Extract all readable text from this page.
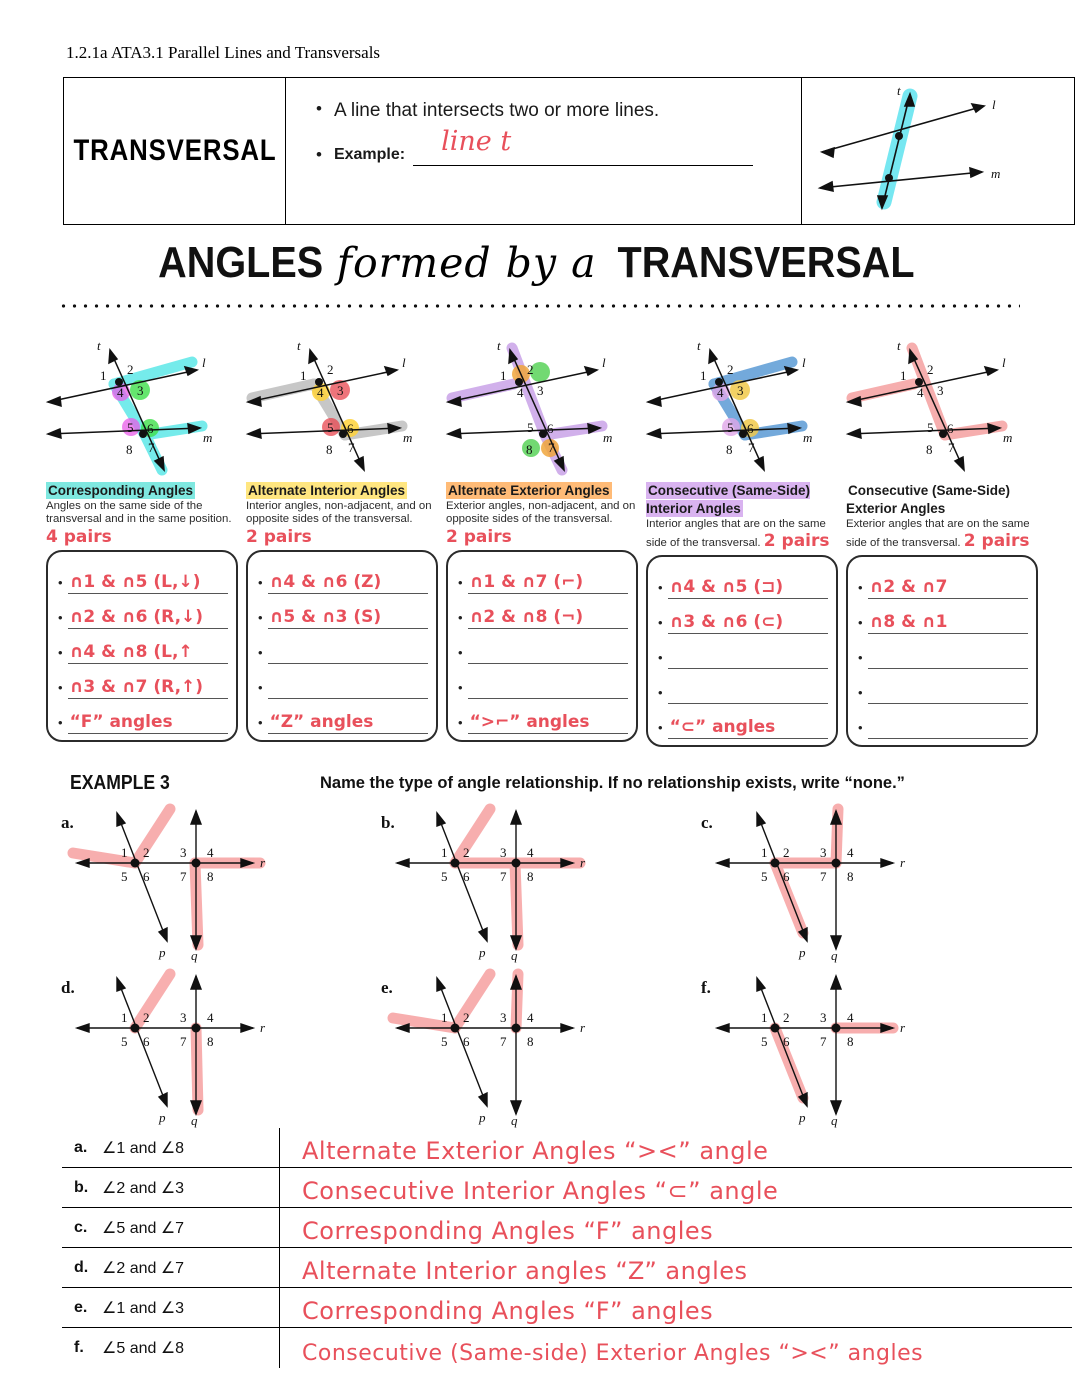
1.2.1a ATA3.1 Parallel Lines and Transversals
TRANSVERSAL
• A line that intersects two or more lines.
• Example: line t
t
l
m
ANGLES formed by a TRANSVERSAL
t
l
m
1 2
3
4
5 6
8 7
Corresponding Angles
Angles on the same side of the transversal and in the same position. 4 pairs
• ∩1 & ∩5 (L,↓)
• ∩2 & ∩6 (R,↓)
• ∩4 & ∩8 (L,↑
• ∩3 & ∩7 (R,↑)
• “F” angles
t
l
m
1 2
3
4
5 6
8 7
Alternate Interior Angles
Interior angles, non-adjacent, and on opposite sides of the transversal. 2 pairs
• ∩4 & ∩6 (Z)
• ∩5 & ∩3 (S)
•
•
• “Z” angles
t
l
m
1 2
3
4
5 6
8 7
Alternate Exterior Angles
Exterior angles, non-adjacent, and on opposite sides of the transversal. 2 pairs
• ∩1 & ∩7 (⌐)
• ∩2 & ∩8 (¬)
•
•
• “>⌐” angles
t
l
m
1 2
3
4
5 6
8 7
Consecutive (Same-Side) Interior Angles
Interior angles that are on the same side of the transversal. 2 pairs
• ∩4 & ∩5 (⊐)
• ∩3 & ∩6 (⊂)
•
•
• “⊂” angles
t
l
m
1 2
3
4
5 6
8 7
Consecutive (Same-Side) Exterior Angles
Exterior angles that are on the same side of the transversal. 2 pairs
• ∩2 & ∩7
• ∩8 & ∩1
•
•
•
EXAMPLE 3	Name the type of angle relationship. If no relationship exists, write “none.”
a.
1 2 3 4
5 6 7 8
p q
r
b.
1 2 3 4
5 6 7 8
p q
r
c.
1 2 3 4
5 6 7 8
p q
r
d.
1 2 3 4
5 6 7 8
p q
r
e.
1 2 3 4
5 6 7 8
p q
r
f.
1 2 3 4
5 6 7 8
p q
r
a. ∠1 and ∠8	Alternate Exterior Angles “><” angle
b. ∠2 and ∠3	Consecutive Interior Angles “⊂” angle
c. ∠5 and ∠7	Corresponding Angles “F” angles
d. ∠2 and ∠7	Alternate Interior angles “Z” angles
e. ∠1 and ∠3	Corresponding Angles “F” angles
f.	∠5 and ∠8	Consecutive (Same-side) Exterior Angles “><” angles
